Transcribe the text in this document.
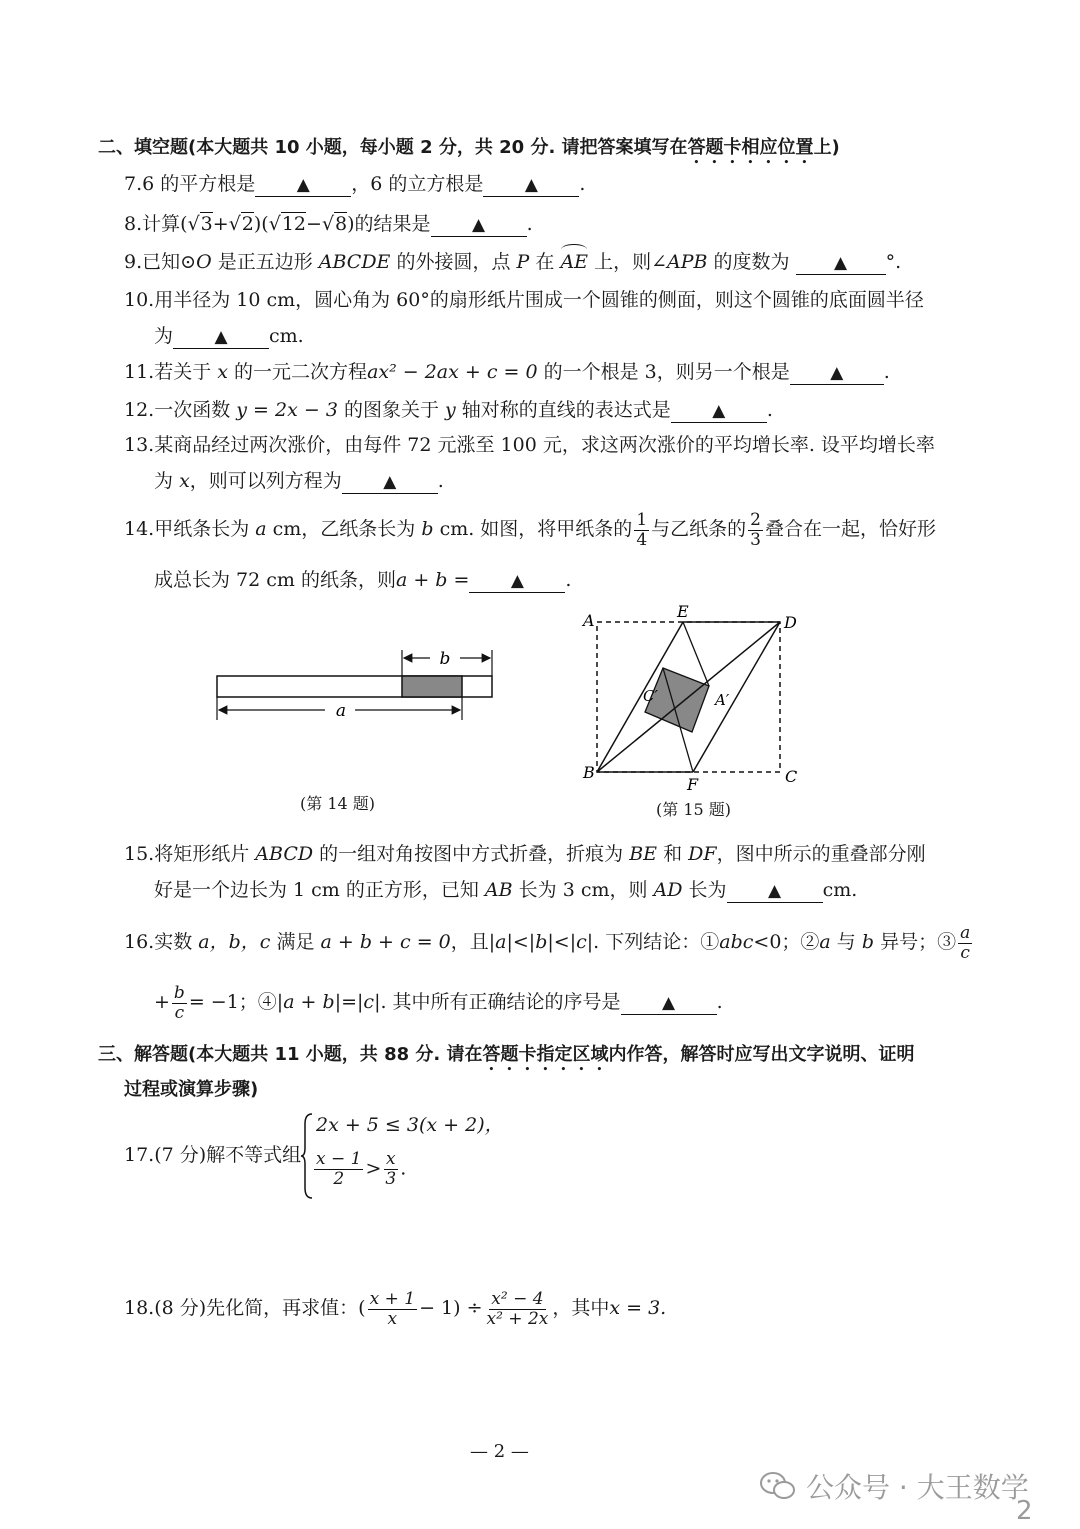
二、填空题(本大题共 10 小题，每小题 2 分，共 20 分. 请把答案填写在答题卡相应位置上)
7.6 的平方根是 ▲ ，6 的立方根是 ▲ .
8.计算(√3+√2)(√12−√8)的结果是 ▲ .
9.已知⊙O 是正五边形 ABCDE 的外接圆，点 P 在 AE 上，则∠APB 的度数为	▲ °.
10.用半径为 10 cm，圆心角为 60°的扇形纸片围成一个圆锥的侧面，则这个圆锥的底面圆半径
为 ▲ cm.
11.若关于 x 的一元二次方程ax² − 2ax + c = 0 的一个根是 3，则另一个根是 ▲ .
12.一次函数 y = 2x − 3 的图象关于 y 轴对称的直线的表达式是 ▲ .
13.某商品经过两次涨价，由每件 72 元涨至 100 元，求这两次涨价的平均增长率. 设平均增长率
为 x，则可以列方程为 ▲ .
14.甲纸条长为 a cm，乙纸条长为 b cm. 如图，将甲纸条的 $\frac{1}{4}$ 与乙纸条的 $\frac{2}{3}$ 叠合在一起，恰好形
成总长为 72 cm 的纸条，则a + b = ▲ .
b
a
(第 14 题)
A
B	C
D
E
F
C′	A′
(第 15 题)
15.将矩形纸片 ABCD 的一组对角按图中方式折叠，折痕为 BE 和 DF，图中所示的重叠部分刚
好是一个边长为 1 cm 的正方形，已知 AB 长为 3 cm，则 AD 长为 ▲ cm.
16.实数 a，b，c 满足 a + b + c = 0，且|a|<|b|<|c|. 下列结论：①abc<0；②a 与 b 异号；③ $\frac{a}{c}$
+ $\frac{b}{c} = -1$；④|a + b|=|c|. 其中所有正确结论的序号是 ▲ .
三、解答题(本大题共 11 小题，共 88 分. 请在答题卡指定区域内作答，解答时应写出文字说明、证明
过程或演算步骤)
17.(7 分)解不等式组
2x + 5 ≤ 3(x + 2)，
$\frac{x - 1}{2} > \frac{x}{3}$ .
18.(8 分)先化简，再求值：( $\frac{x + 1}{x} - 1) \div \frac{\text{x² − 4}}{\text{x² + 2x}}$ ，其中x = 3.
— 2 —
公众号 · 大王数学
2
